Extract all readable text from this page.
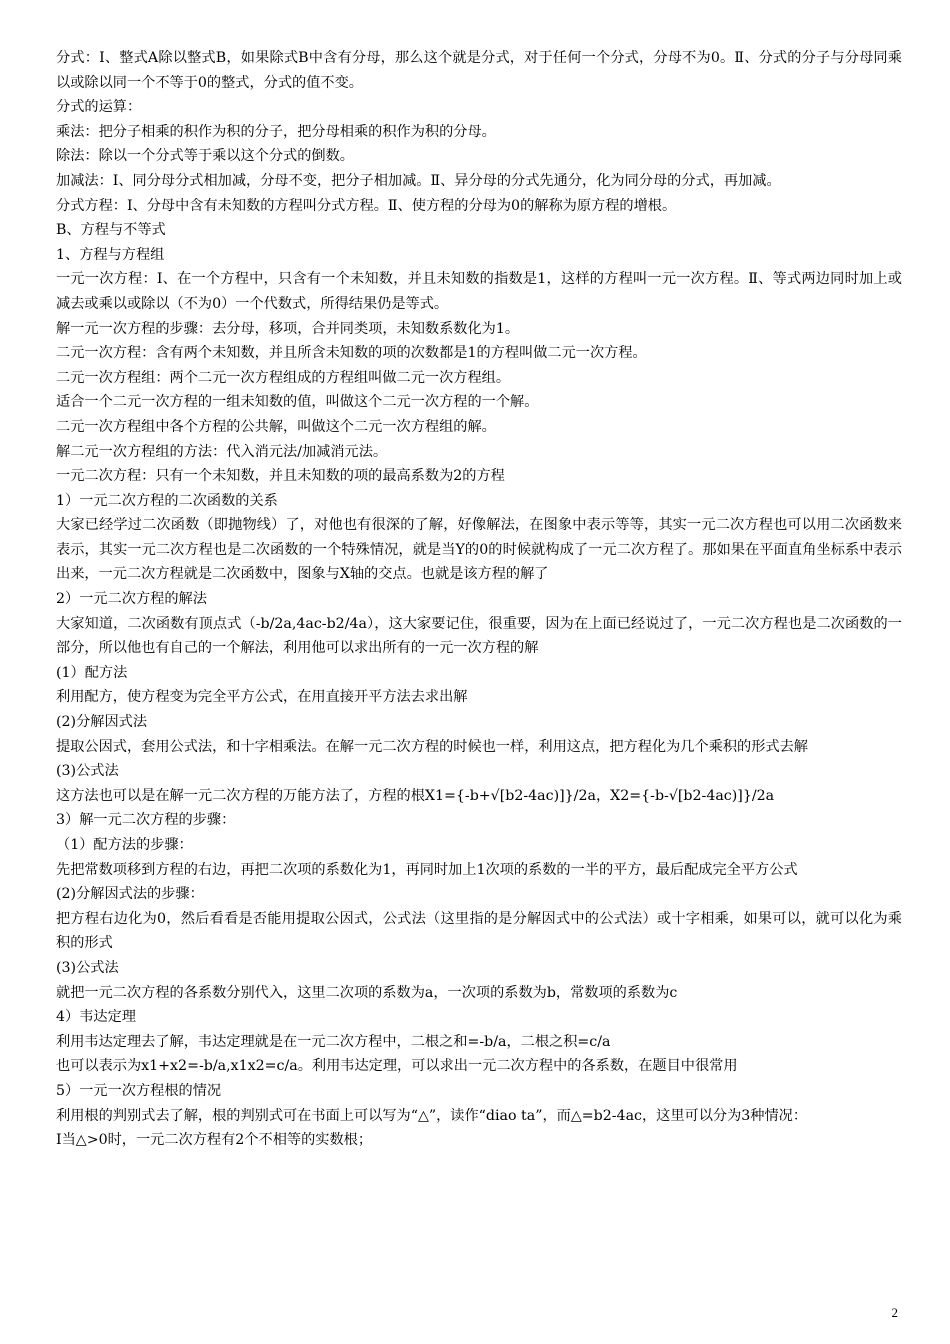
分式：Ⅰ、整式A除以整式B，如果除式B中含有分母，那么这个就是分式，对于任何一个分式，分母不为0。Ⅱ、分式的分子与分母同乘以或除以同一个不等于0的整式，分式的值不变。

分式的运算：

乘法：把分子相乘的积作为积的分子，把分母相乘的积作为积的分母。

除法：除以一个分式等于乘以这个分式的倒数。

加减法：Ⅰ、同分母分式相加减，分母不变，把分子相加减。Ⅱ、异分母的分式先通分，化为同分母的分式，再加减。

分式方程：Ⅰ、分母中含有未知数的方程叫分式方程。Ⅱ、使方程的分母为0的解称为原方程的增根。

B、方程与不等式

1、方程与方程组

一元一次方程：Ⅰ、在一个方程中，只含有一个未知数，并且未知数的指数是1，这样的方程叫一元一次方程。Ⅱ、等式两边同时加上或减去或乘以或除以（不为0）一个代数式，所得结果仍是等式。

解一元一次方程的步骤：去分母，移项，合并同类项，未知数系数化为1。

二元一次方程：含有两个未知数，并且所含未知数的项的次数都是1的方程叫做二元一次方程。

二元一次方程组：两个二元一次方程组成的方程组叫做二元一次方程组。

适合一个二元一次方程的一组未知数的值，叫做这个二元一次方程的一个解。

二元一次方程组中各个方程的公共解，叫做这个二元一次方程组的解。

解二元一次方程组的方法：代入消元法/加减消元法。

一元二次方程：只有一个未知数，并且未知数的项的最高系数为2的方程

1）一元二次方程的二次函数的关系

大家已经学过二次函数（即抛物线）了，对他也有很深的了解，好像解法，在图象中表示等等，其实一元二次方程也可以用二次函数来表示，其实一元二次方程也是二次函数的一个特殊情况，就是当Y的0的时候就构成了一元二次方程了。那如果在平面直角坐标系中表示出来，一元二次方程就是二次函数中，图象与X轴的交点。也就是该方程的解了

2）一元二次方程的解法

大家知道，二次函数有顶点式（-b/2a,4ac-b2/4a），这大家要记住，很重要，因为在上面已经说过了，一元二次方程也是二次函数的一部分，所以他也有自己的一个解法，利用他可以求出所有的一元一次方程的解

(1）配方法

利用配方，使方程变为完全平方公式，在用直接开平方法去求出解

(2)分解因式法

提取公因式，套用公式法，和十字相乘法。在解一元二次方程的时候也一样，利用这点，把方程化为几个乘积的形式去解

(3)公式法

这方法也可以是在解一元二次方程的万能方法了，方程的根X1={-b+√[b2-4ac)]}/2a，X2={-b-√[b2-4ac)]}/2a

3）解一元二次方程的步骤：

（1）配方法的步骤：

先把常数项移到方程的右边，再把二次项的系数化为1，再同时加上1次项的系数的一半的平方，最后配成完全平方公式

(2)分解因式法的步骤：

把方程右边化为0，然后看看是否能用提取公因式，公式法（这里指的是分解因式中的公式法）或十字相乘，如果可以，就可以化为乘积的形式

(3)公式法

就把一元二次方程的各系数分别代入，这里二次项的系数为a，一次项的系数为b，常数项的系数为c

4）韦达定理

利用韦达定理去了解，韦达定理就是在一元二次方程中，二根之和=-b/a，二根之积=c/a

也可以表示为x1+x2=-b/a,x1x2=c/a。利用韦达定理，可以求出一元二次方程中的各系数，在题目中很常用

5）一元一次方程根的情况

利用根的判别式去了解，根的判别式可在书面上可以写为“△”，读作“diao ta”，而△=b2-4ac，这里可以分为3种情况：

I当△>0时，一元二次方程有2个不相等的实数根；

2
